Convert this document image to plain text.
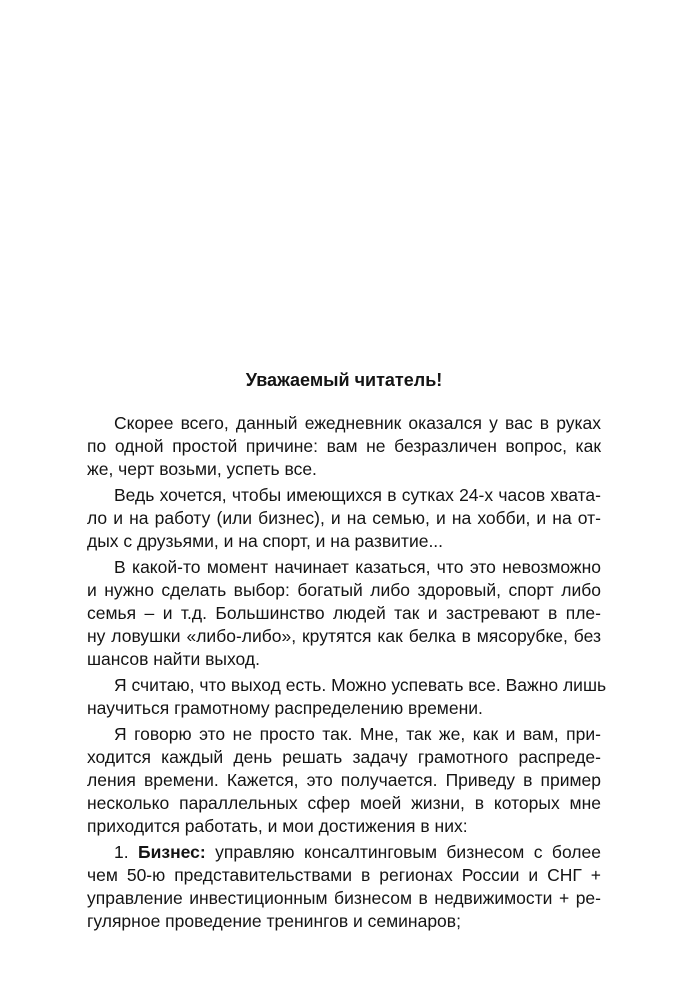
Уважаемый читатель!
Скорее всего, данный ежедневник оказался у вас в руках
по одной простой причине: вам не безразличен вопрос, как
же, черт возьми, успеть все.
Ведь хочется, чтобы имеющихся в сутках 24-х часов хвата-
ло и на работу (или бизнес), и на семью, и на хобби, и на от-
дых с друзьями, и на спорт, и на развитие...
В какой-то момент начинает казаться, что это невозможно
и нужно сделать выбор: богатый либо здоровый, спорт либо
семья – и т.д. Большинство людей так и застревают в пле-
ну ловушки «либо-либо», крутятся как белка в мясорубке, без
шансов найти выход.
Я считаю, что выход есть. Можно успевать все. Важно лишь
научиться грамотному распределению времени.
Я говорю это не просто так. Мне, так же, как и вам, при-
ходится каждый день решать задачу грамотного распреде-
ления времени. Кажется, это получается. Приведу в пример
несколько параллельных сфер моей жизни, в которых мне
приходится работать, и мои достижения в них:
1. Бизнес: управляю консалтинговым бизнесом с более
чем 50-ю представительствами в регионах России и СНГ +
управление инвестиционным бизнесом в недвижимости + ре-
гулярное проведение тренингов и семинаров;
